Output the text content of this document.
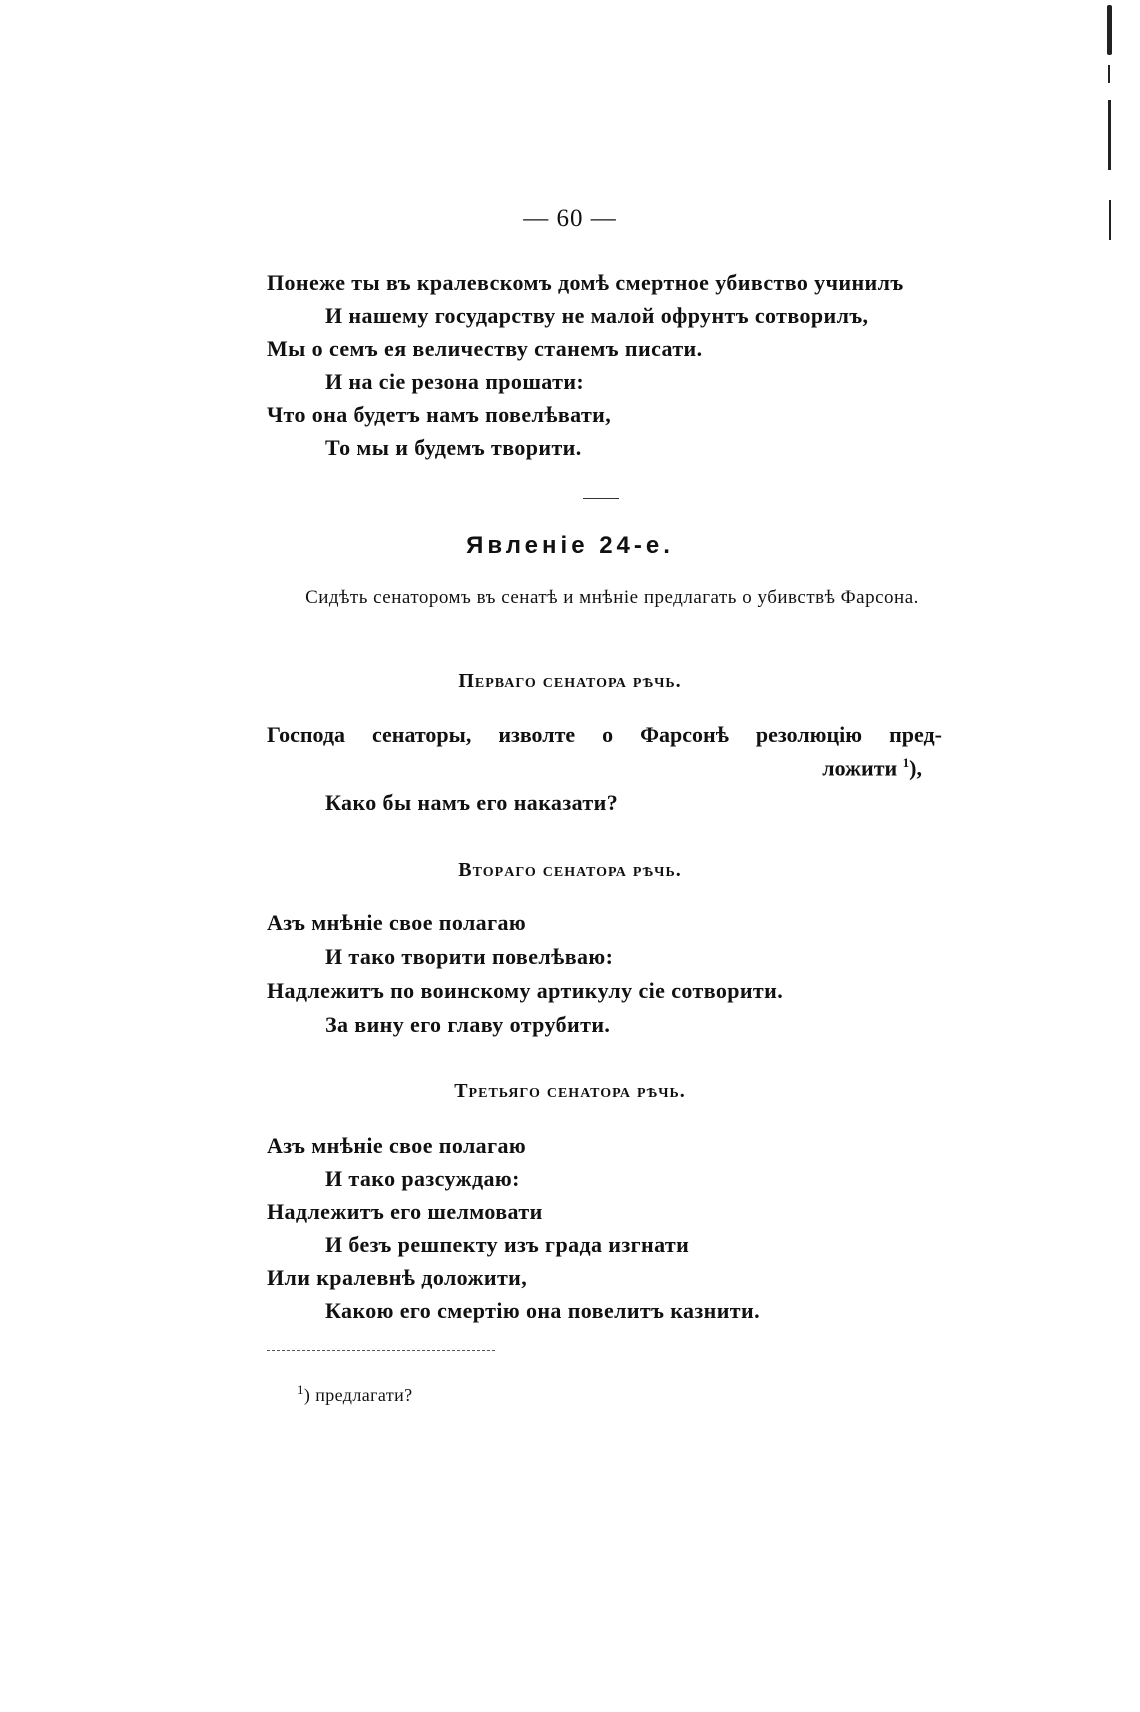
— 60 —
Понеже ты въ кралевскомъ домѣ смертное убивство учинилъ
И нашему государству не малой офрунтъ сотворилъ,
Мы о семъ ея величеству станемъ писати.
И на сіе резона прошати:
Что она будетъ намъ повелѣвати,
То мы и будемъ творити.
Явленіе 24-е.
Сидѣть сенаторомъ въ сенатѣ и мнѣніе предлагать о убивствѣ Фарсона.
Перваго сенатора рѣчь.
Господа сенаторы, изволте о Фарсонѣ резолюцію пред-
ложити $^1$),
Како бы намъ его наказати?
Вторaго сенатора рѣчь.
Азъ мнѣніе свое полагаю
И тако творити повелѣваю:
Надлежитъ по воинскому артикулу сіе сотворити.
За вину его главу отрубити.
Третьяго сенатора рѣчь.
Азъ мнѣніе свое полагаю
И тако разсуждаю:
Надлежитъ его шелмовати
И безъ решпекту изъ града изгнати
Или кралевнѣ доложити,
Какою его смертію она повелитъ казнити.
$^1$) предлагати?
